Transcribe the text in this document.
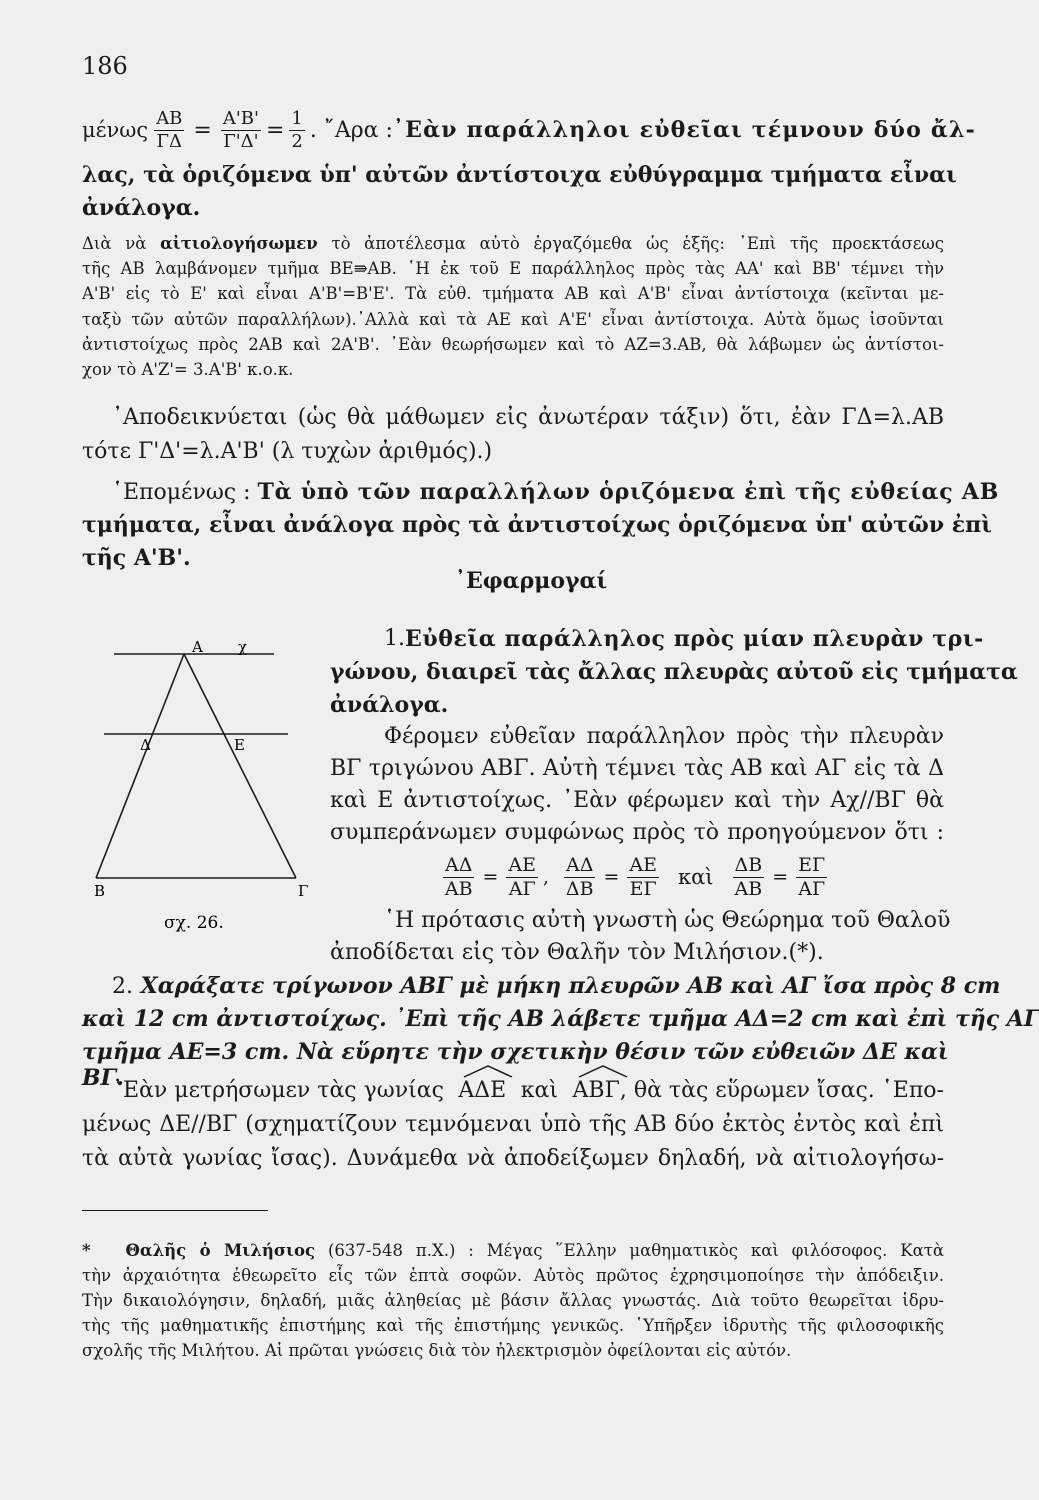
186
μένως $\frac{AB}{\Gamma\Delta} = \frac{A'B'}{\Gamma'\Delta'} = \frac{1}{2}$ . ῎Αρα : ᾿Εὰν παράλληλοι εὐθεῖαι τέμνουν δύο ἄλ-
λας, τὰ ὁριζόμενα ὑπ' αὐτῶν ἀντίστοιχα εὐθύγραμμα τμήματα εἶναι
ἀνάλογα.
Διὰ νὰ αἰτιολογήσωμεν τὸ ἀποτέλεσμα αὐτὸ ἐργαζόμεθα ὡς ἑξῆς: ᾿Επὶ τῆς προεκτάσεως
τῆς ΑΒ λαμβάνομεν τμῆμα ΒΕ⇛ΑΒ. ῾Η ἐκ τοῦ Ε παράλληλος πρὸς τὰς ΑΑ' καὶ ΒΒ' τέμνει τὴν
Α'Β' εἰς τὸ Ε' καὶ εἶναι Α'Β'=Β'Ε'. Τὰ εὐθ. τμήματα ΑΒ καὶ Α'Β' εἶναι ἀντίστοιχα (κεῖνται με-
ταξὺ τῶν αὐτῶν παραλλήλων).᾿Αλλὰ καὶ τὰ ΑΕ καὶ Α'Ε' εἶναι ἀντίστοιχα. Αὐτὰ ὅμως ἰσοῦνται
ἀντιστοίχως πρὸς 2ΑΒ καὶ 2Α'Β'. ᾿Εὰν θεωρήσωμεν καὶ τὸ ΑΖ=3.ΑΒ, θὰ λάβωμεν ὡς ἀντίστοι-
χον τὸ Α'Ζ'= 3.Α'Β' κ.ο.κ.
᾿Αποδεικνύεται (ὡς θὰ μάθωμεν εἰς ἀνωτέραν τάξιν) ὅτι, ἐὰν ΓΔ=λ.ΑΒ
τότε Γ'Δ'=λ.Α'Β' (λ τυχὼν ἀριθμός).)
῾Επομένως : Τὰ ὑπὸ τῶν παραλλήλων ὁριζόμενα ἐπὶ τῆς εὐθείας ΑΒ
τμήματα, εἶναι ἀνάλογα πρὸς τὰ ἀντιστοίχως ὁριζόμενα ὑπ' αὐτῶν ἐπὶ
τῆς Α'Β'.
᾿Εφαρμογαί
1. Εὐθεῖα παράλληλος πρὸς μίαν πλευρὰν τρι-
γώνου, διαιρεῖ τὰς ἄλλας πλευρὰς αὐτοῦ εἰς τμήματα
ἀνάλογα.
Φέρομεν εὐθεῖαν παράλληλον πρὸς τὴν πλευρὰν
ΒΓ τριγώνου ΑΒΓ. Αὐτὴ τέμνει τὰς ΑΒ καὶ ΑΓ εἰς τὰ Δ
καὶ Ε ἀντιστοίχως. ᾿Εὰν φέρωμεν καὶ τὴν Αχ//ΒΓ θὰ
συμπεράνωμεν συμφώνως πρὸς τὸ προηγούμενον ὅτι :
$\frac{A\Delta}{AB} = \frac{AE}{A\Gamma}$ , $\frac{A\Delta}{\Delta B} = \frac{AE}{E\Gamma}$ καὶ $\frac{\Delta B}{AB} = \frac{E\Gamma}{A\Gamma}$
῾Η πρότασις αὐτὴ γνωστὴ ὡς Θεώρημα τοῦ Θαλοῦ
ἀποδίδεται εἰς τὸν Θαλῆν τὸν Μιλήσιον.(*).
Α χ
Δ	Ε
Β	Γ
σχ. 26.
2. Χαράξατε τρίγωνον ΑΒΓ μὲ μήκη πλευρῶν ΑΒ καὶ ΑΓ ἴσα πρὸς 8 cm
καὶ 12 cm ἀντιστοίχως. ᾿Επὶ τῆς ΑΒ λάβετε τμῆμα ΑΔ=2 cm καὶ ἐπὶ τῆς ΑΓ
τμῆμα ΑΕ=3 cm. Νὰ εὕρητε τὴν σχετικὴν θέσιν τῶν εὐθειῶν ΔΕ καὶ ΒΓ.
᾿Εὰν μετρήσωμεν τὰς γωνίας ΑΔΕ καὶ ΑΒΓ, θὰ τὰς εὕρωμεν ἴσας. ῾Επο-
μένως ΔΕ//ΒΓ (σχηματίζουν τεμνόμεναι ὑπὸ τῆς ΑΒ δύο ἐκτὸς ἐντὸς καὶ ἐπὶ
τὰ αὐτὰ γωνίας ἴσας). Δυνάμεθα νὰ ἀποδείξωμεν δηλαδή, νὰ αἰτιολογήσω-
* Θαλῆς ὁ Μιλήσιος (637-548 π.Χ.) : Μέγας ῞Ελλην μαθηματικὸς καὶ φιλόσοφος. Κατὰ
τὴν ἀρχαιότητα ἐθεωρεῖτο εἷς τῶν ἑπτὰ σοφῶν. Αὐτὸς πρῶτος ἐχρησιμοποίησε τὴν ἀπόδειξιν.
Τὴν δικαιολόγησιν, δηλαδή, μιᾶς ἀληθείας μὲ βάσιν ἄλλας γνωστάς. Διὰ τοῦτο θεωρεῖται ἱδρυ-
τὴς τῆς μαθηματικῆς ἐπιστήμης καὶ τῆς ἐπιστήμης γενικῶς. ῾Υπῆρξεν ἱδρυτὴς τῆς φιλοσοφικῆς
σχολῆς τῆς Μιλήτου. Αἱ πρῶται γνώσεις διὰ τὸν ἠλεκτρισμὸν ὀφείλονται εἰς αὐτόν.
